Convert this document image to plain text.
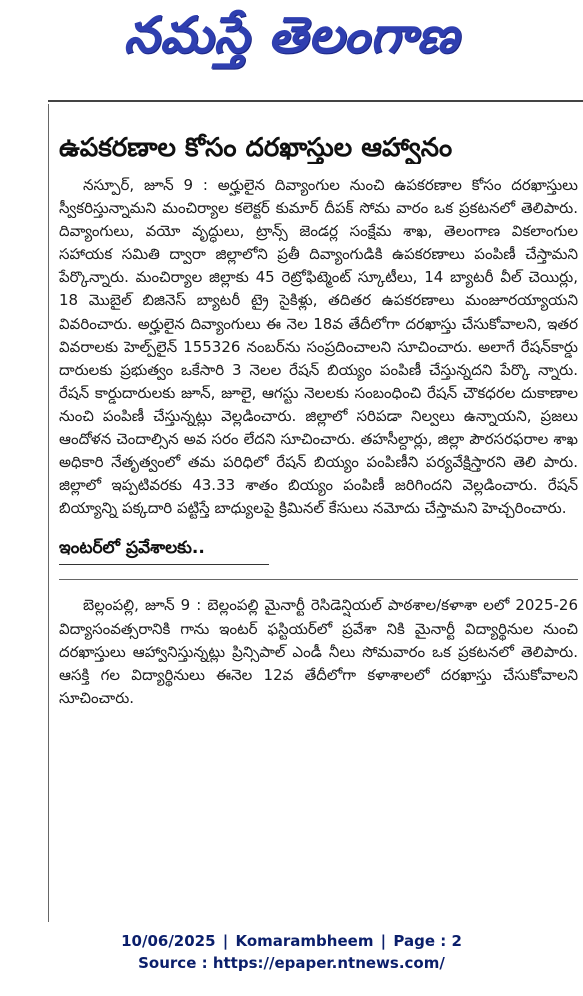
నమస్తే తెలంగాణ
ఉపకరణాల కోసం దరఖాస్తుల ఆహ్వానం

నస్పూర్, జూన్ 9 : అర్హులైన దివ్యాంగుల నుంచి ఉపకరణాల కోసం దరఖాస్తులు స్వీకరిస్తున్నామని మంచిర్యాల కలెక్టర్ కుమార్ దీపక్ సోమ వారం ఒక ప్రకటనలో తెలిపారు. దివ్యాంగులు, వయో వృద్ధులు, ట్రాన్స్ జెండర్ల సంక్షేమ శాఖ, తెలంగాణ వికలాంగుల సహాయక సమితి ద్వారా జిల్లాలోని ప్రతీ దివ్యాంగుడికి ఉపకరణాలు పంపిణీ చేస్తామని పేర్కొన్నారు. మంచిర్యాల జిల్లాకు 45 రెట్రోఫిట్మెంట్ స్కూటీలు, 14 బ్యాటరీ వీల్ చెయిర్లు, 18 మొబైల్ బిజినెస్ బ్యాటరీ ట్రై సైకిళ్లు, తదితర ఉపకరణాలు మంజూరయ్యాయని వివరించారు. అర్హులైన దివ్యాంగులు ఈ నెల 18వ తేదీలోగా దరఖాస్తు చేసుకోవాలని, ఇతర వివరాలకు హెల్ప్‌లైన్ 155326 నంబర్‌ను సంప్రదించాలని సూచించారు. అలాగే రేషన్‌కార్డు దారులకు ప్రభుత్వం ఒకేసారి 3 నెలల రేషన్ బియ్యం పంపిణీ చేస్తున్నదని పేర్కొ న్నారు. రేషన్ కార్డుదారులకు జూన్, జూలై, ఆగస్టు నెలలకు సంబంధించి రేషన్ చౌకధరల దుకాణాల నుంచి పంపిణీ చేస్తున్నట్లు వెల్లడించారు. జిల్లాలో సరిపడా నిల్వలు ఉన్నాయని, ప్రజలు ఆందోళన చెందాల్సిన అవ సరం లేదని సూచించారు. తహసీల్దార్లు, జిల్లా పౌరసరఫరాల శాఖ అధికారి నేతృత్వంలో తమ పరిధిలో రేషన్ బియ్యం పంపిణీని పర్యవేక్షిస్తారని తెలి పారు. జిల్లాలో ఇప్పటివరకు 43.33 శాతం బియ్యం పంపిణీ జరిగిందని వెల్లడించారు. రేషన్ బియ్యాన్ని పక్కదారి పట్టిస్తే బాధ్యులపై క్రిమినల్ కేసులు నమోదు చేస్తామని హెచ్చరించారు.

ఇంటర్‌లో ప్రవేశాలకు..

బెల్లంపల్లి, జూన్ 9 : బెల్లంపల్లి మైనార్టీ రెసిడెన్షియల్ పాఠశాల/కళాశా లలో 2025-26 విద్యాసంవత్సరానికి గాను ఇంటర్ ఫస్టియర్‌లో ప్రవేశా నికి మైనార్టీ విద్యార్థినుల నుంచి దరఖాస్తులు ఆహ్వానిస్తున్నట్లు ప్రిన్సిపాల్ ఎండీ నీలు సోమవారం ఒక ప్రకటనలో తెలిపారు. ఆసక్తి గల విద్యార్థినులు ఈనెల 12వ తేదీలోగా కళాశాలలో దరఖాస్తు చేసుకోవాలని సూచించారు.

10/06/2025 | Komarambheem | Page : 2
Source : https://epaper.ntnews.com/
